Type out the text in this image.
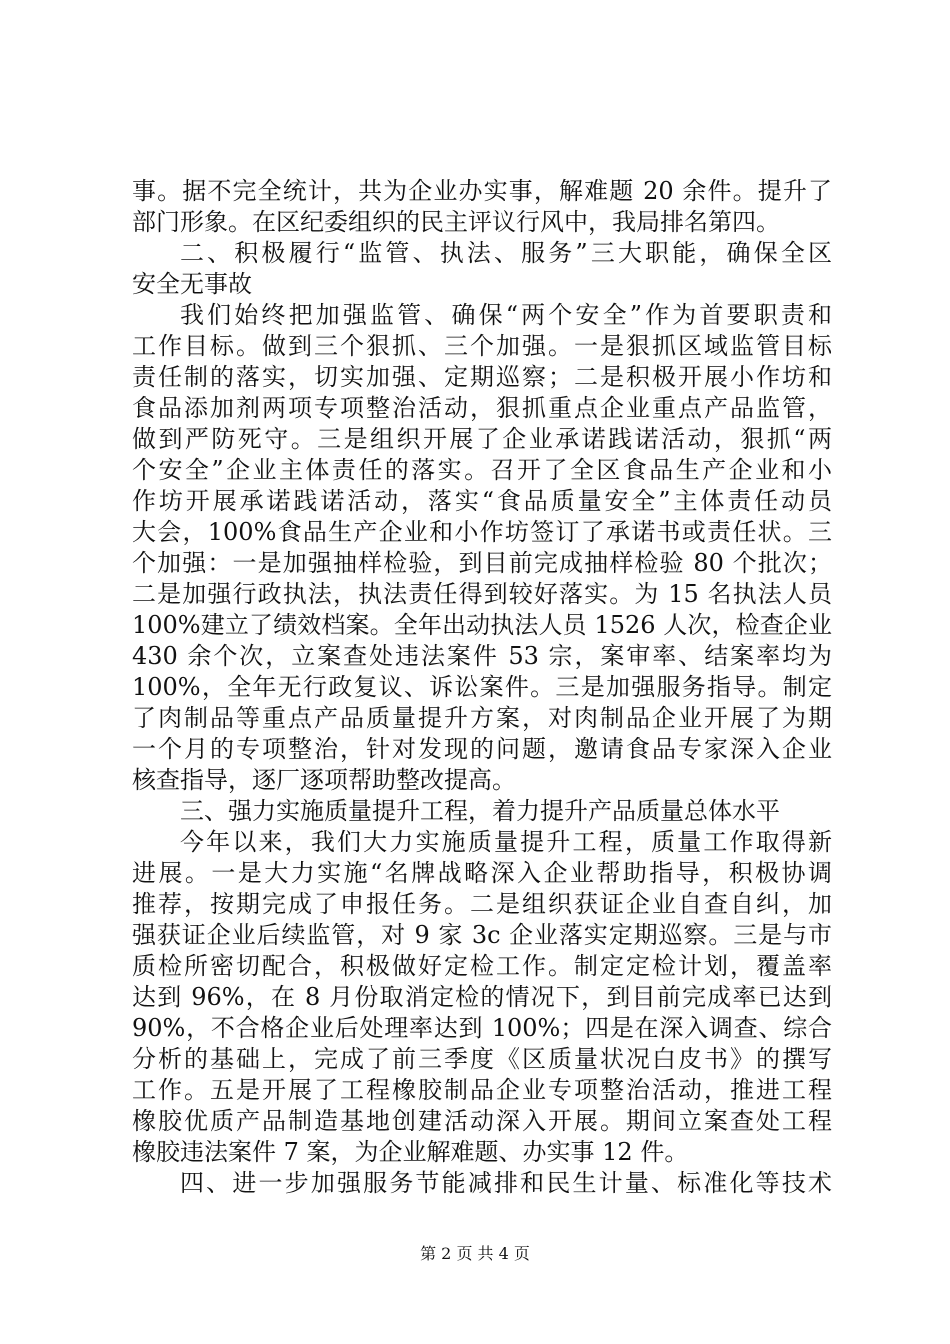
事。据不完全统计，共为企业办实事，解难题 20 余件。提升了
部门形象。在区纪委组织的民主评议行风中，我局排名第四。
二、积极履行“监管、执法、服务”三大职能，确保全区
安全无事故
我们始终把加强监管、确保“两个安全”作为首要职责和
工作目标。做到三个狠抓、三个加强。一是狠抓区域监管目标
责任制的落实，切实加强、定期巡察；二是积极开展小作坊和
食品添加剂两项专项整治活动，狠抓重点企业重点产品监管，
做到严防死守。三是组织开展了企业承诺践诺活动，狠抓“两
个安全”企业主体责任的落实。召开了全区食品生产企业和小
作坊开展承诺践诺活动，落实“食品质量安全”主体责任动员
大会，100%食品生产企业和小作坊签订了承诺书或责任状。三
个加强：一是加强抽样检验，到目前完成抽样检验 80 个批次；
二是加强行政执法，执法责任得到较好落实。为 15 名执法人员
100%建立了绩效档案。全年出动执法人员 1526 人次，检查企业
430 余个次，立案查处违法案件 53 宗，案审率、结案率均为
100%，全年无行政复议、诉讼案件。三是加强服务指导。制定
了肉制品等重点产品质量提升方案，对肉制品企业开展了为期
一个月的专项整治，针对发现的问题，邀请食品专家深入企业
核查指导，逐厂逐项帮助整改提高。
三、强力实施质量提升工程，着力提升产品质量总体水平
今年以来，我们大力实施质量提升工程，质量工作取得新
进展。一是大力实施“名牌战略深入企业帮助指导，积极协调
推荐，按期完成了申报任务。二是组织获证企业自查自纠，加
强获证企业后续监管，对 9 家 3c 企业落实定期巡察。三是与市
质检所密切配合，积极做好定检工作。制定定检计划，覆盖率
达到 96%，在 8 月份取消定检的情况下，到目前完成率已达到
90%，不合格企业后处理率达到 100%；四是在深入调查、综合
分析的基础上，完成了前三季度《区质量状况白皮书》的撰写
工作。五是开展了工程橡胶制品企业专项整治活动，推进工程
橡胶优质产品制造基地创建活动深入开展。期间立案查处工程
橡胶违法案件 7 案，为企业解难题、办实事 12 件。
四、进一步加强服务节能减排和民生计量、标准化等技术
第 2 页 共 4 页
